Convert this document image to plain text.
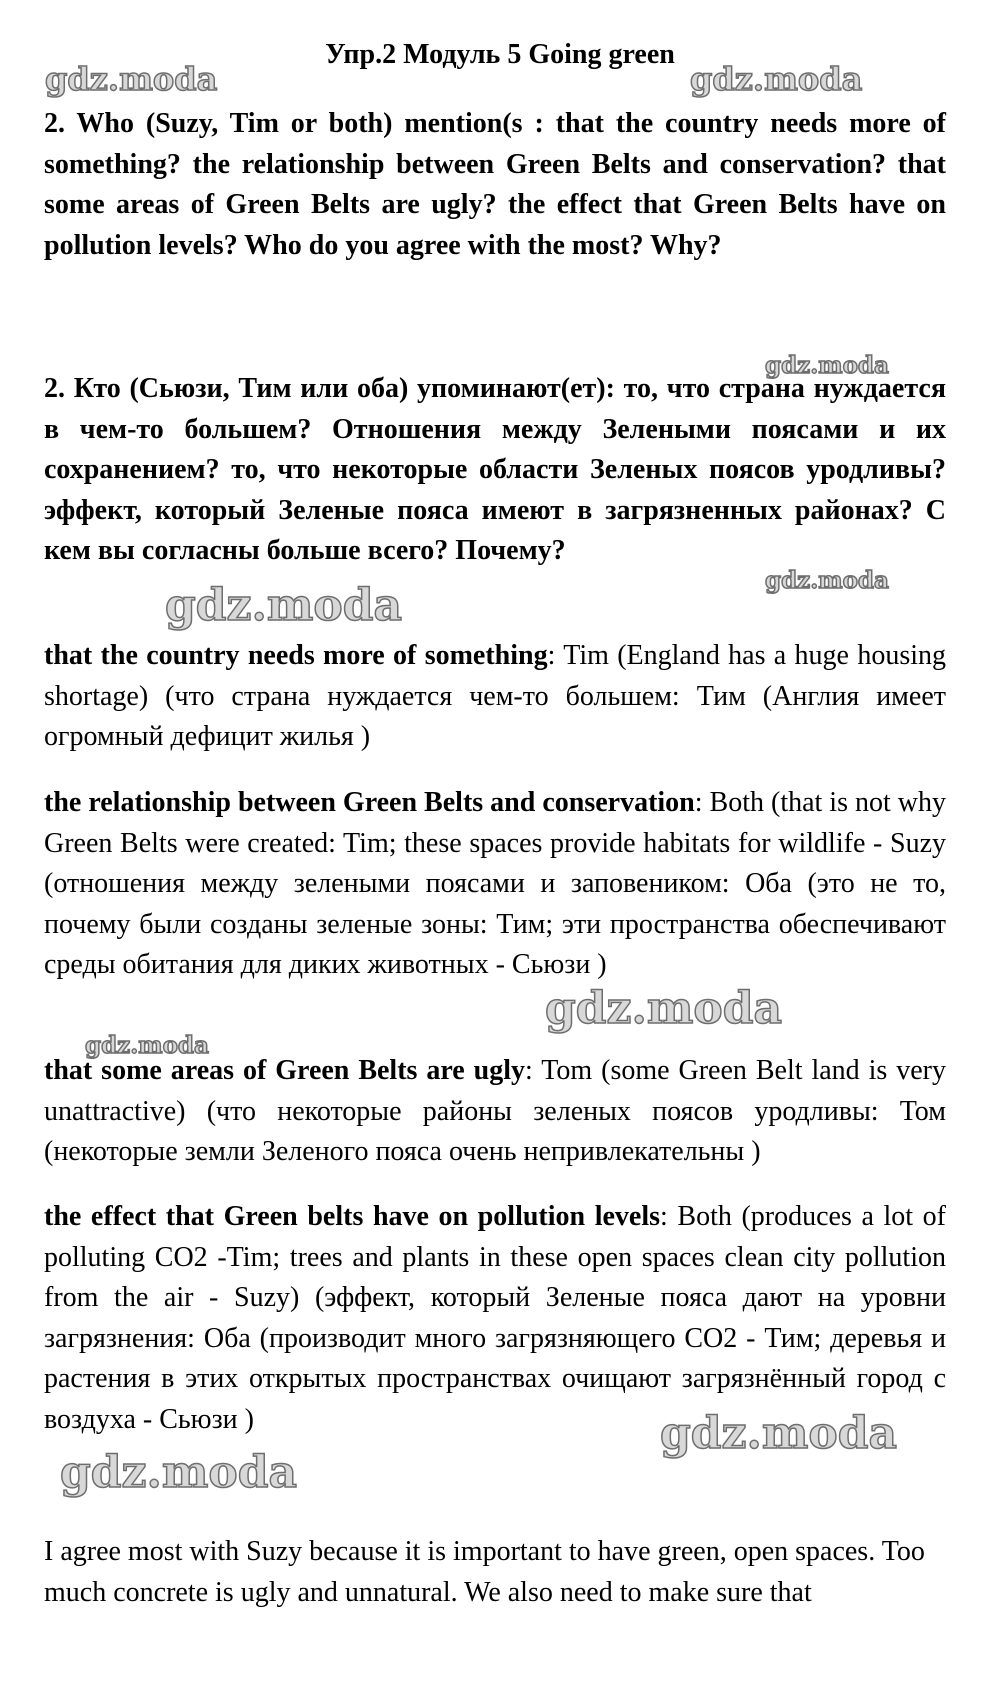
Упр.2 Модуль 5 Going green
2. Who (Suzy, Tim or both) mention(s : that the country needs more of something? the relationship between Green Belts and conservation? that some areas of Green Belts are ugly? the effect that Green Belts have on pollution levels? Who do you agree with the most? Why?
2. Кто (Сьюзи, Тим или оба) упоминают(ет): то, что страна нуждается в чем-то большем? Отношения между Зелеными поясами и их сохранением? то, что некоторые области Зеленых поясов уродливы? эффект, который Зеленые пояса имеют в загрязненных районах? С кем вы согласны больше всего? Почему?
that the country needs more of something: Tim (England has a huge housing shortage) (что страна нуждается чем-то большем: Тим (Англия имеет огромный дефицит жилья )
the relationship between Green Belts and conservation: Both (that is not why Green Belts were created: Tim; these spaces provide habitats for wildlife - Suzy (отношения между зелеными поясами и заповеником: Оба (это не то, почему были созданы зеленые зоны: Тим; эти пространства обеспечивают среды обитания для диких животных - Сьюзи )
that some areas of Green Belts are ugly: Tom (some Green Belt land is very unattractive) (что некоторые районы зеленых поясов уродливы: Том (некоторые земли Зеленого пояса очень непривлекательны )
the effect that Green belts have on pollution levels: Both (produces a lot of polluting CO2 -Tim; trees and plants in these open spaces clean city pollution from the air - Suzy) (эффект, который Зеленые пояса дают на уровни загрязнения: Оба (производит много загрязняющего CO2 - Тим; деревья и растения в этих открытых пространствах очищают загрязнённый город с воздуха - Сьюзи )
I agree most with Suzy because it is important to have green, open spaces. Too much concrete is ugly and unnatural. We also need to make sure that
gdz.moda	gdz.moda
gdz.moda
gdz.moda
gdz.moda
gdz.moda
gdz.moda
gdz.moda
gdz.moda
